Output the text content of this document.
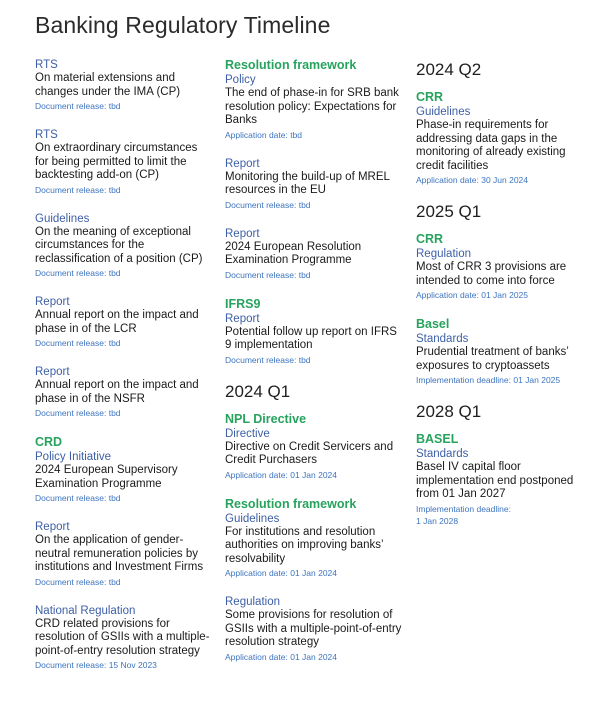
Banking Regulatory Timeline
RTS
On material extensions and changes under the IMA (CP)
Document release: tbd
RTS
On extraordinary circumstances for being permitted to limit the backtesting add-on (CP)
Document release: tbd
Guidelines
On the meaning of exceptional circumstances for the reclassification of a position (CP)
Document release: tbd
Report
Annual report on the impact and phase in of the LCR
Document release: tbd
Report
Annual report on the impact and phase in of the NSFR
Document release: tbd
CRD
Policy Initiative
2024 European Supervisory Examination Programme
Document release: tbd
Report
On the application of gender-neutral remuneration policies by institutions and Investment Firms
Document release: tbd
National Regulation
CRD related provisions for resolution of GSIIs with a multiple-point-of-entry resolution strategy
Document release: 15 Nov 2023
Resolution framework
Policy
The end of phase-in for SRB bank resolution policy: Expectations for Banks
Application date: tbd
Report
Monitoring the build-up of MREL resources in the EU
Document release: tbd
Report
2024 European Resolution Examination Programme
Document release: tbd
IFRS9
Report
Potential follow up report on IFRS 9 implementation
Document release: tbd
2024 Q1
NPL Directive
Directive
Directive on Credit Servicers and Credit Purchasers
Application date: 01 Jan 2024
Resolution framework
Guidelines
For institutions and resolution authorities on improving banks’ resolvability
Application date: 01 Jan 2024
Regulation
Some provisions for resolution of GSIIs with a multiple-point-of-entry resolution strategy
Application date: 01 Jan 2024
2024 Q2
CRR
Guidelines
Phase-in requirements for addressing data gaps in the monitoring of already existing credit facilities
Application date: 30 Jun 2024
2025 Q1
CRR
Regulation
Most of CRR 3 provisions are intended to come into force
Application date: 01 Jan 2025
Basel
Standards
Prudential treatment of banks’ exposures to cryptoassets
Implementation deadline: 01 Jan 2025
2028 Q1
BASEL
Standards
Basel IV capital floor implementation end postponed from 01 Jan 2027
Implementation deadline:
1 Jan 2028
